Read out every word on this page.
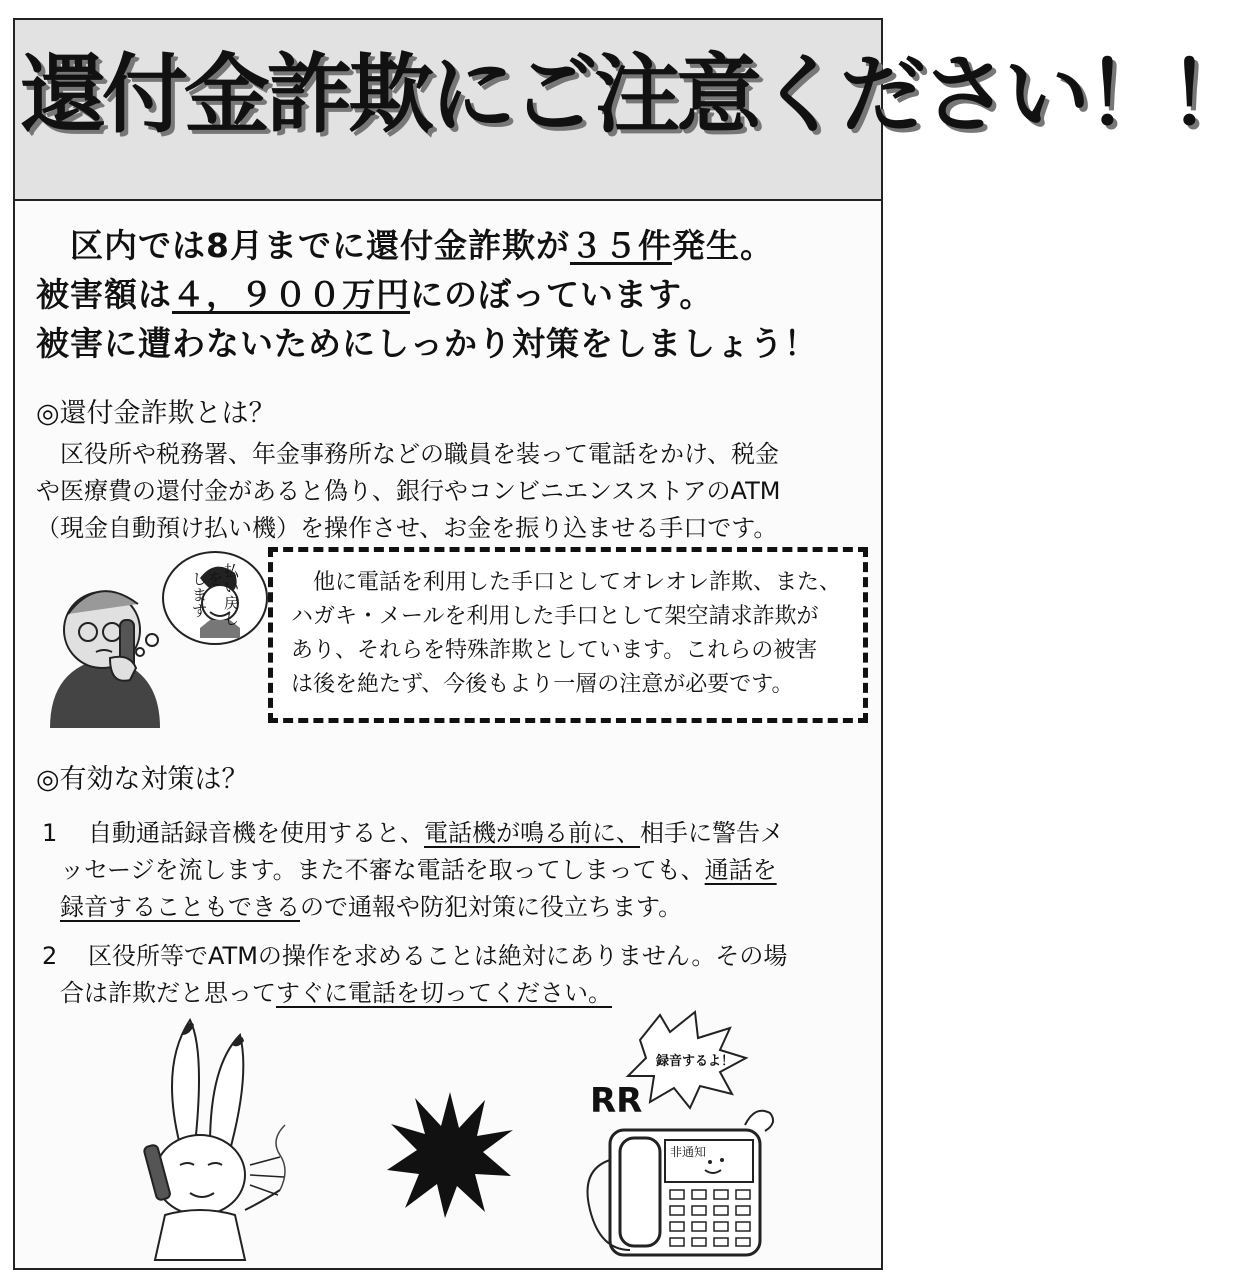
還付金詐欺にご注意ください！！
　区内では8月までに還付金詐欺が３５件発生。
被害額は４，９００万円にのぼっています。
被害に遭わないためにしっかり対策をしましょう！
◎還付金詐欺とは？
　区役所や税務署、年金事務所などの職員を装って電話をかけ、税金
や医療費の還付金があると偽り、銀行やコンビニエンスストアのATM
（現金自動預け払い機）を操作させ、お金を振り込ませる手口です。
払
い
戻
し
を
し
ま
す
　他に電話を利用した手口としてオレオレ詐欺、また、
ハガキ・メールを利用した手口として架空請求詐欺が
あり、それらを特殊詐欺としています。これらの被害
は後を絶たず、今後もより一層の注意が必要です。
◎有効な対策は？
1 自動通話録音機を使用すると、電話機が鳴る前に、相手に警告メ
ッセージを流します。また不審な電話を取ってしまっても、通話を
録音することもできるので通報や防犯対策に役立ちます。
2 区役所等でATMの操作を求めることは絶対にありません。その場
合は詐欺だと思ってすぐに電話を切ってください。
録音するよ！
RR
非通知
